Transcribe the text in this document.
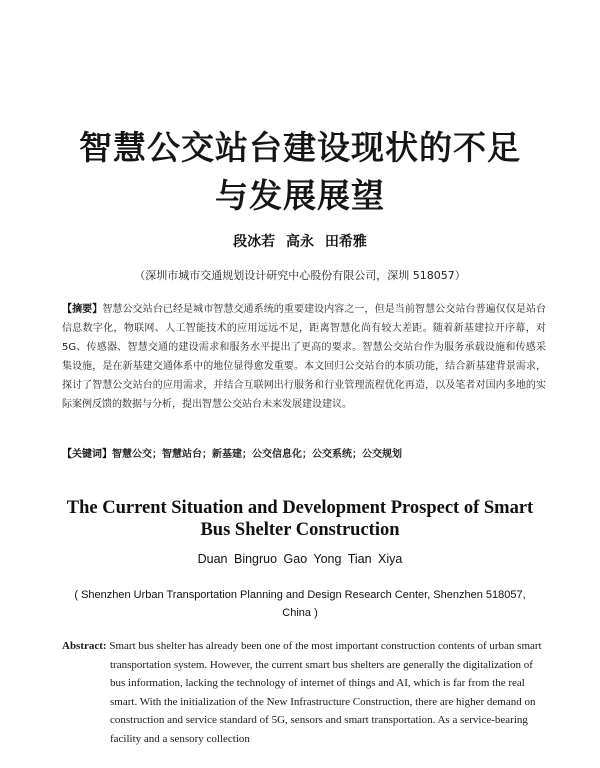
智慧公交站台建设现状的不足
与发展展望
段冰若 高永 田希雅
（深圳市城市交通规划设计研究中心股份有限公司，深圳 518057）
【摘要】智慧公交站台已经是城市智慧交通系统的重要建设内容之一，但是当前智慧公交站台普遍仅仅是站台信息数字化，物联网、人工智能技术的应用远远不足，距离智慧化尚有较大差距。随着新基建拉开序幕，对5G、传感器、智慧交通的建设需求和服务水平提出了更高的要求。智慧公交站台作为服务承载设施和传感采集设施，是在新基建交通体系中的地位显得愈发重要。本文回归公交站台的本质功能，结合新基建背景需求，探讨了智慧公交站台的应用需求，并结合互联网出行服务和行业管理流程优化再造，以及笔者对国内多地的实际案例反馈的数据与分析，提出智慧公交站台未来发展建设建议。
【关键词】智慧公交；智慧站台；新基建；公交信息化；公交系统；公交规划
The Current Situation and Development Prospect of Smart
Bus Shelter Construction
Duan Bingruo Gao Yong Tian Xiya
( Shenzhen Urban Transportation Planning and Design Research Center, Shenzhen 518057, China )
Abstract: Smart bus shelter has already been one of the most important construction contents of urban smart transportation system. However, the current smart bus shelters are generally the digitalization of bus information, lacking the technology of internet of things and AI, which is far from the real smart. With the initialization of the New Infrastructure Construction, there are higher demand on construction and service standard of 5G, sensors and smart transportation. As a service-bearing facility and a sensory collection
